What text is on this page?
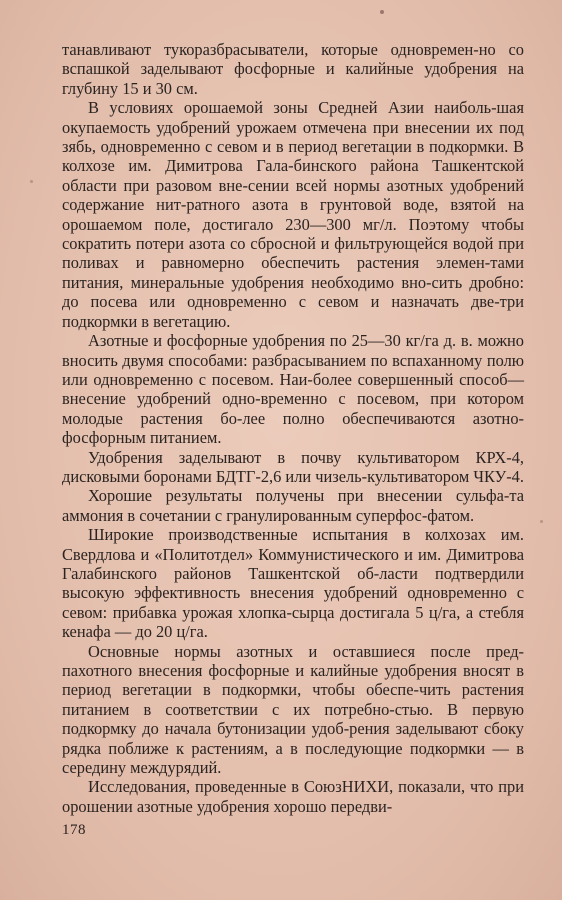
танавливают тукоразбрасыватели, которые одновремен-но со вспашкой заделывают фосфорные и калийные удобрения на глубину 15 и 30 см.

В условиях орошаемой зоны Средней Азии наиболь-шая окупаемость удобрений урожаем отмечена при внесении их под зябь, одновременно с севом и в период вегетации в подкормки. В колхозе им. Димитрова Гала-бинского района Ташкентской области при разовом вне-сении всей нормы азотных удобрений содержание нит-ратного азота в грунтовой воде, взятой на орошаемом поле, достигало 230—300 мг/л. Поэтому чтобы сократить потери азота со сбросной и фильтрующейся водой при поливах и равномерно обеспечить растения элемен-тами питания, минеральные удобрения необходимо вно-сить дробно: до посева или одновременно с севом и назначать две-три подкормки в вегетацию.

Азотные и фосфорные удобрения по 25—30 кг/га д. в. можно вносить двумя способами: разбрасыванием по вспаханному полю или одновременно с посевом. Наи-более совершенный способ—внесение удобрений одно-временно с посевом, при котором молодые растения бо-лее полно обеспечиваются азотно-фосфорным питанием.

Удобрения заделывают в почву культиватором КРХ-4, дисковыми боронами БДТГ-2,6 или чизель-культиватором ЧКУ-4.

Хорошие результаты получены при внесении сульфа-та аммония в сочетании с гранулированным суперфос-фатом.

Широкие производственные испытания в колхозах им. Свердлова и «Политотдел» Коммунистического и им. Димитрова Галабинского районов Ташкентской об-ласти подтвердили высокую эффективность внесения удобрений одновременно с севом: прибавка урожая хлопка-сырца достигала 5 ц/га, а стебля кенафа — до 20 ц/га.

Основные нормы азотных и оставшиеся после пред-пахотного внесения фосфорные и калийные удобрения вносят в период вегетации в подкормки, чтобы обеспе-чить растения питанием в соответствии с их потребно-стью. В первую подкормку до начала бутонизации удоб-рения заделывают сбоку рядка поближе к растениям, а в последующие подкормки — в середину междурядий.

Исследования, проведенные в СоюзНИХИ, показали, что при орошении азотные удобрения хорошо передви-

178
